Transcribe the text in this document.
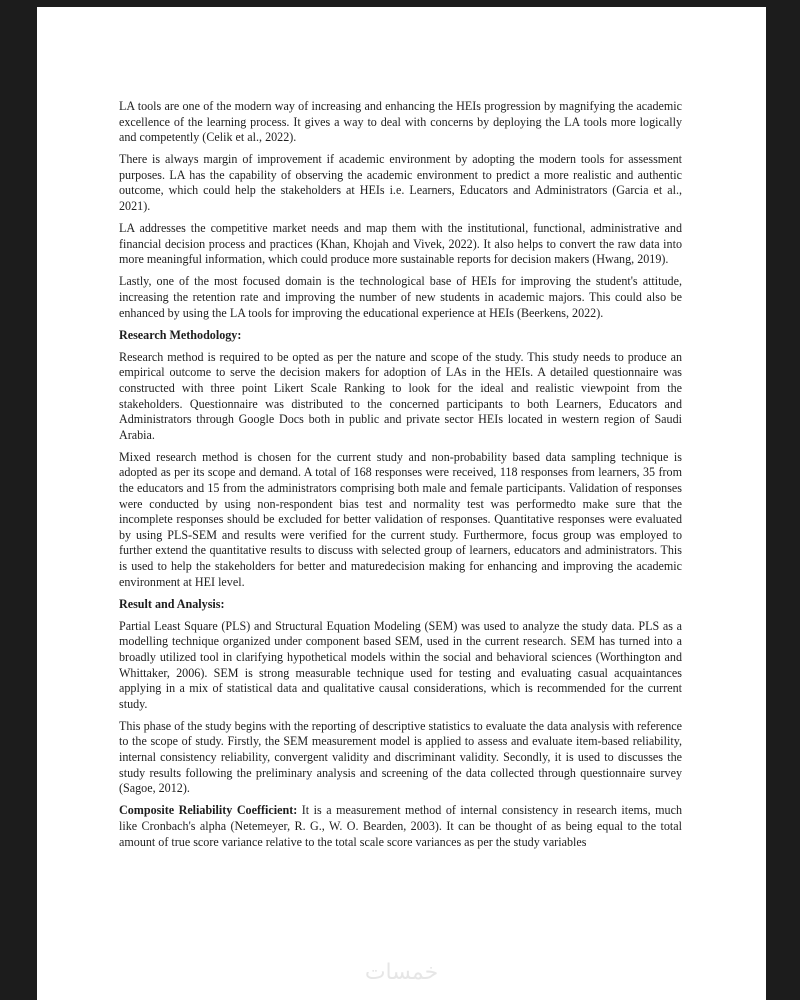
LA tools are one of the modern way of increasing and enhancing the HEIs progression by magnifying the academic excellence of the learning process. It gives a way to deal with concerns by deploying the LA tools more logically and competently (Celik et al., 2022).

There is always margin of improvement if academic environment by adopting the modern tools for assessment purposes. LA has the capability of observing the academic environment to predict a more realistic and authentic outcome, which could help the stakeholders at HEIs i.e. Learners, Educators and Administrators (Garcia et al., 2021).

LA addresses the competitive market needs and map them with the institutional, functional, administrative and financial decision process and practices (Khan, Khojah and Vivek, 2022). It also helps to convert the raw data into more meaningful information, which could produce more sustainable reports for decision makers (Hwang, 2019).

Lastly, one of the most focused domain is the technological base of HEIs for improving the student's attitude, increasing the retention rate and improving the number of new students in academic majors. This could also be enhanced by using the LA tools for improving the educational experience at HEIs (Beerkens, 2022).

Research Methodology:

Research method is required to be opted as per the nature and scope of the study. This study needs to produce an empirical outcome to serve the decision makers for adoption of LAs in the HEIs. A detailed questionnaire was constructed with three point Likert Scale Ranking to look for the ideal and realistic viewpoint from the stakeholders. Questionnaire was distributed to the concerned participants to both Learners, Educators and Administrators through Google Docs both in public and private sector HEIs located in western region of Saudi Arabia.

Mixed research method is chosen for the current study and non-probability based data sampling technique is adopted as per its scope and demand. A total of 168 responses were received, 118 responses from learners, 35 from the educators and 15 from the administrators comprising both male and female participants. Validation of responses were conducted by using non-respondent bias test and normality test was performedto make sure that the incomplete responses should be excluded for better validation of responses. Quantitative responses were evaluated by using PLS-SEM and results were verified for the current study. Furthermore, focus group was employed to further extend the quantitative results to discuss with selected group of learners, educators and administrators. This is used to help the stakeholders for better and maturedecision making for enhancing and improving the academic environment at HEI level.

Result and Analysis:

Partial Least Square (PLS) and Structural Equation Modeling (SEM) was used to analyze the study data. PLS as a modelling technique organized under component based SEM, used in the current research. SEM has turned into a broadly utilized tool in clarifying hypothetical models within the social and behavioral sciences (Worthington and Whittaker, 2006). SEM is strong measurable technique used for testing and evaluating casual acquaintances applying in a mix of statistical data and qualitative causal considerations, which is recommended for the current study.

This phase of the study begins with the reporting of descriptive statistics to evaluate the data analysis with reference to the scope of study. Firstly, the SEM measurement model is applied to assess and evaluate item-based reliability, internal consistency reliability, convergent validity and discriminant validity. Secondly, it is used to discusses the study results following the preliminary analysis and screening of the data collected through questionnaire survey (Sagoe, 2012).

Composite Reliability Coefficient: It is a measurement method of internal consistency in research items, much like Cronbach's alpha (Netemeyer, R. G., W. O. Bearden, 2003). It can be thought of as being equal to the total amount of true score variance relative to the total scale score variances as per the study variables

خمسات
